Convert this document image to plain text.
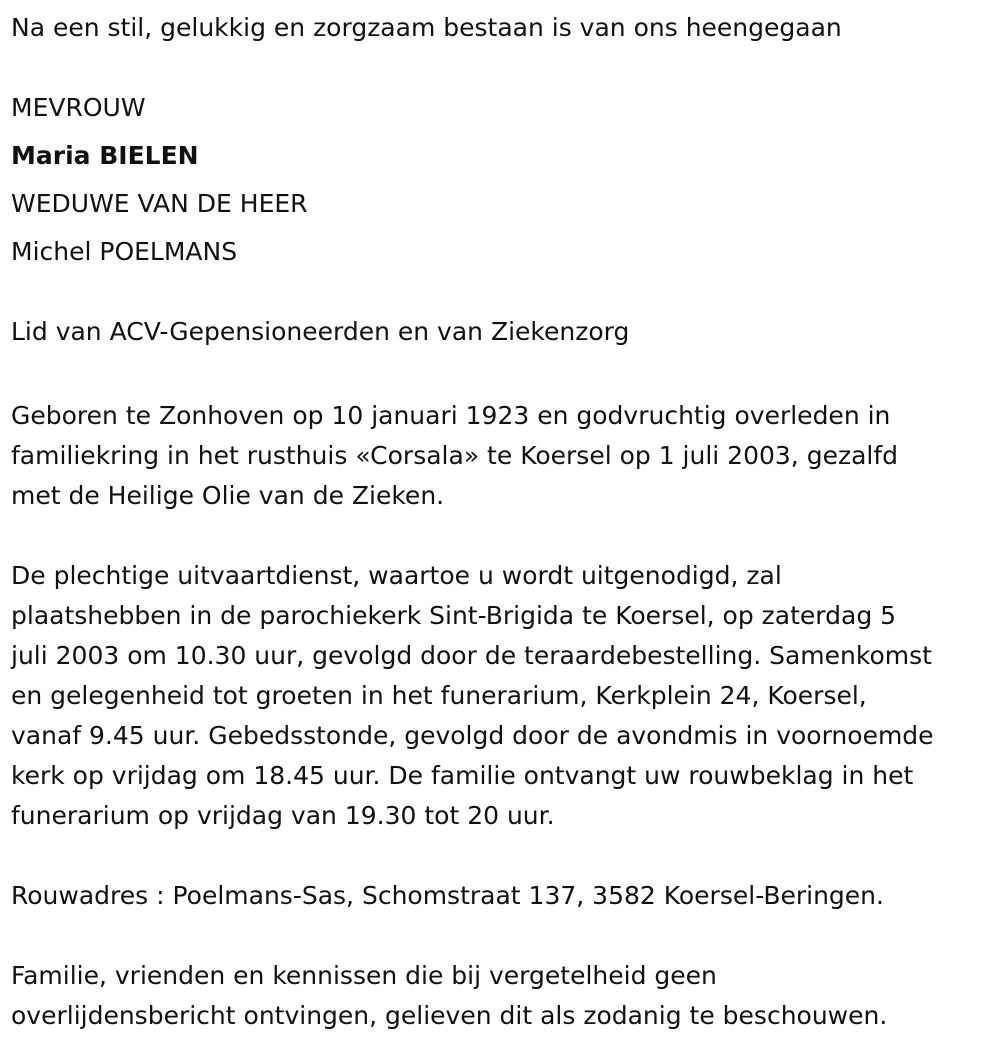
Na een stil, gelukkig en zorgzaam bestaan is van ons heengegaan
MEVROUW
Maria BIELEN
WEDUWE VAN DE HEER
Michel POELMANS
Lid van ACV-Gepensioneerden en van Ziekenzorg
Geboren te Zonhoven op 10 januari 1923 en godvruchtig overleden in
familiekring in het rusthuis «Corsala» te Koersel op 1 juli 2003, gezalfd
met de Heilige Olie van de Zieken.
De plechtige uitvaartdienst, waartoe u wordt uitgenodigd, zal
plaatshebben in de parochiekerk Sint-Brigida te Koersel, op zaterdag 5
juli 2003 om 10.30 uur, gevolgd door de teraardebestelling. Samenkomst
en gelegenheid tot groeten in het funerarium, Kerkplein 24, Koersel,
vanaf 9.45 uur. Gebedsstonde, gevolgd door de avondmis in voornoemde
kerk op vrijdag om 18.45 uur. De familie ontvangt uw rouwbeklag in het
funerarium op vrijdag van 19.30 tot 20 uur.
Rouwadres : Poelmans-Sas, Schomstraat 137, 3582 Koersel-Beringen.
Familie, vrienden en kennissen die bij vergetelheid geen
overlijdensbericht ontvingen, gelieven dit als zodanig te beschouwen.
